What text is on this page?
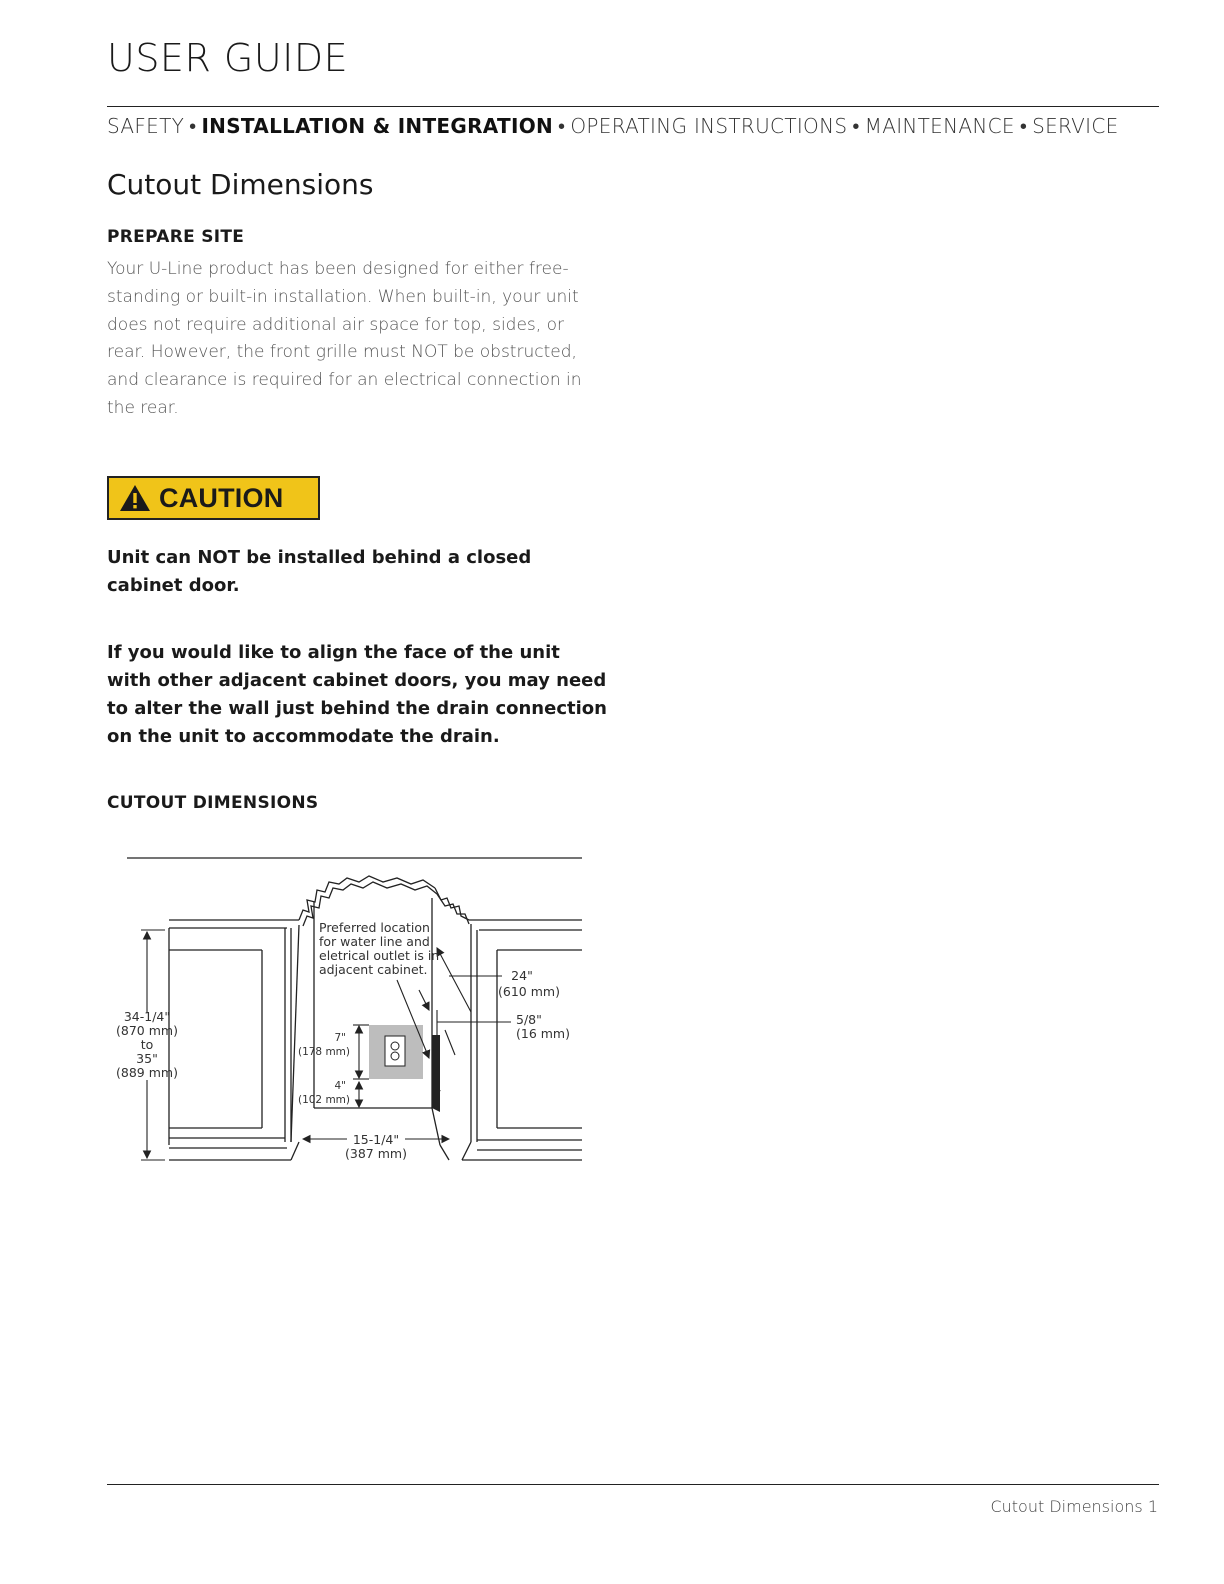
USER GUIDE
SAFETY • INSTALLATION & INTEGRATION • OPERATING INSTRUCTIONS • MAINTENANCE • SERVICE
Cutout Dimensions
PREPARE SITE
Your U-Line product has been designed for either free-standing or built-in installation. When built-in, your unit does not require additional air space for top, sides, or rear. However, the front grille must NOT be obstructed, and clearance is required for an electrical connection in the rear.
CAUTION
Unit can NOT be installed behind a closed cabinet door.
If you would like to align the face of the unit with other adjacent cabinet doors, you may need to alter the wall just behind the drain connection on the unit to accommodate the drain.
CUTOUT DIMENSIONS
Preferred location
for water line and
eletrical outlet is in
adjacent cabinet.
34-1/4"
(870 mm)
to
35"
(889 mm)
24"
(610 mm)
5/8"
(16 mm)
15-1/4"
(387 mm)
7"
(178 mm)
4"
(102 mm)
Cutout Dimensions 1
